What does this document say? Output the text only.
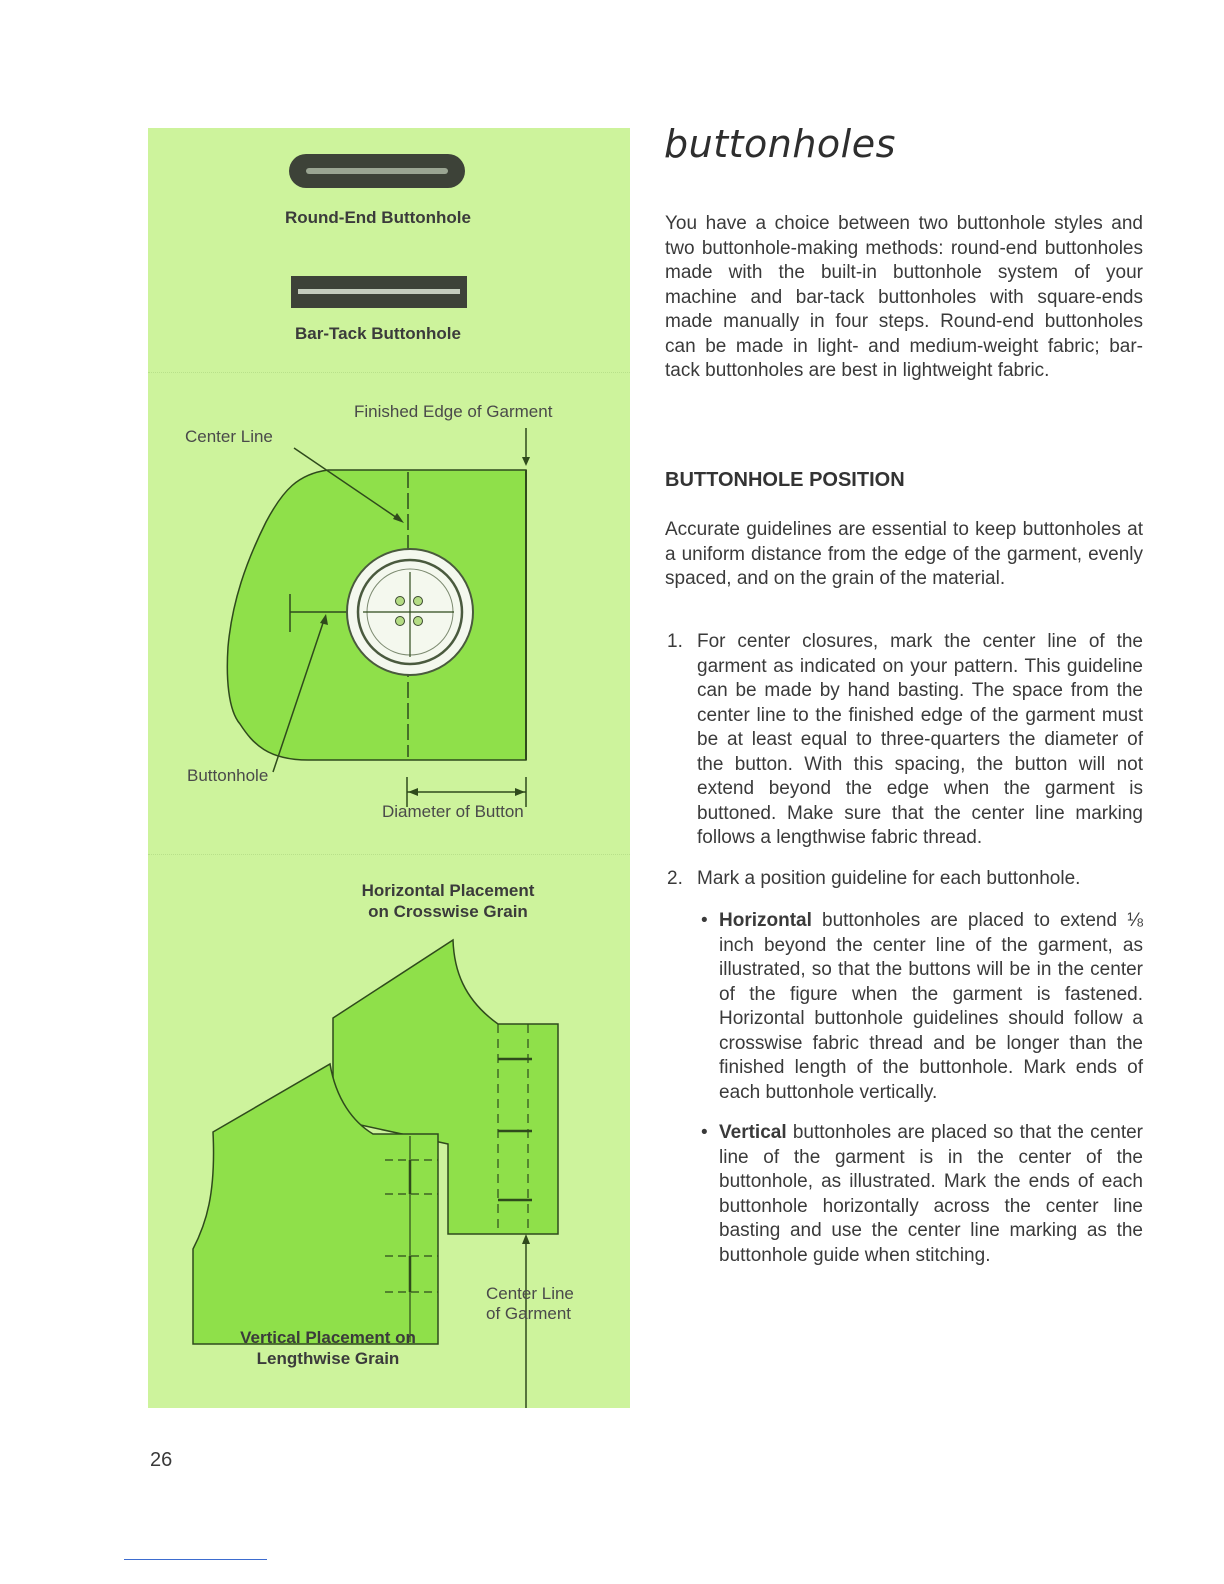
Round-End Buttonhole
Bar-Tack Buttonhole
Finished Edge of Garment
Center Line
Buttonhole
Diameter of Button
Horizontal Placement
on Crosswise Grain
Center Line
of Garment
Vertical Placement on
Lengthwise Grain
buttonholes

You have a choice between two buttonhole styles and two buttonhole-making methods: round-end buttonholes made with the built-in buttonhole system of your machine and bar-tack buttonholes with square-ends made manually in four steps. Round-end buttonholes can be made in light- and medium-weight fabric; bar-tack buttonholes are best in lightweight fabric.

BUTTONHOLE POSITION

Accurate guidelines are essential to keep buttonholes at a uniform distance from the edge of the garment, evenly spaced, and on the grain of the material.

1. For center closures, mark the center line of the garment as indicated on your pattern. This guideline can be made by hand basting. The space from the center line to the finished edge of the garment must be at least equal to three-quarters the diameter of the button. With this spacing, the button will not extend beyond the edge when the garment is buttoned. Make sure that the center line marking follows a lengthwise fabric thread.
2. Mark a position guideline for each buttonhole.
• Horizontal buttonholes are placed to extend ⅛ inch beyond the center line of the garment, as illustrated, so that the buttons will be in the center of the figure when the garment is fastened. Horizontal buttonhole guidelines should follow a crosswise fabric thread and be longer than the finished length of the buttonhole. Mark ends of each buttonhole vertically.
• Vertical buttonholes are placed so that the center line of the garment is in the center of the buttonhole, as illustrated. Mark the ends of each buttonhole horizontally across the center line basting and use the center line marking as the buttonhole guide when stitching.
26
